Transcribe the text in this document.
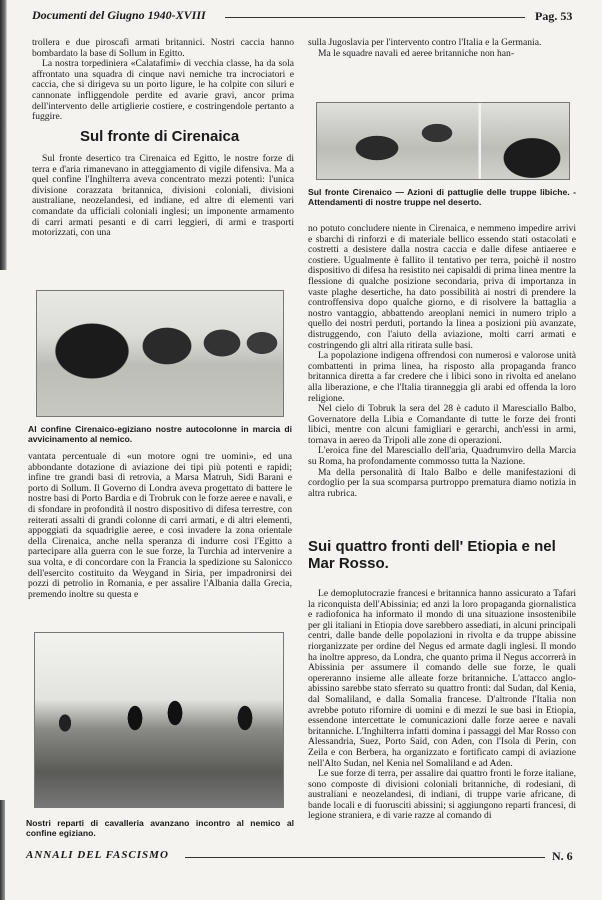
Documenti del Giugno 1940-XVIII	Pag. 53

trollera e due piroscafi armati britannici. Nostri caccia hanno bombardato la base di Sollum in Egitto.

La nostra torpediniera «Calatafimi» di vecchia classe, ha da sola affrontato una squadra di cinque navi nemiche tra incrociatori e caccia, che si dirigeva su un porto ligure, le ha colpite con siluri e cannonate infliggendole perdite ed avarie gravi, ancor prima dell'intervento delle artiglierie costiere, e costringendole pertanto a fuggire.

Sul fronte di Cirenaica

Sul fronte desertico tra Cirenaica ed Egitto, le nostre forze di terra e d'aria rimanevano in atteggiamento di vigile difensiva. Ma a quel confine l'Inghilterra aveva concentrato mezzi potenti: l'unica divisione corazzata britannica, divisioni coloniali, divisioni australiane, neozelandesi, ed indiane, ed altre di elementi vari comandate da ufficiali coloniali inglesi; un imponente armamento di carri armati pesanti e di carri leggieri, di armi e trasporti motorizzati, con una

Al confine Cirenaico-egiziano nostre autocolonne in marcia di avvicinamento al nemico.

vantata percentuale di «un motore ogni tre uomini», ed una abbondante dotazione di aviazione dei tipi più potenti e rapidi; infine tre grandi basi di retrovia, a Marsa Matruh, Sidi Barani e porto di Sollum. Il Governo di Londra aveva progettato di battere le nostre basi di Porto Bardia e di Trobruk con le forze aeree e navali, e di sfondare in profondità il nostro dispositivo di difesa terrestre, con reiterati assalti di grandi colonne di carri armati, e di altri elementi, appoggiati da squadriglie aeree, e così invadere la zona orientale della Cirenaica, anche nella speranza di indurre così l'Egitto a partecipare alla guerra con le sue forze, la Turchia ad intervenire a sua volta, e di concordare con la Francia la spedizione su Salonicco dell'esercito costituito da Weygand in Siria, per impadronirsi dei pozzi di petrolio in Romania, e per assalire l'Albania dalla Grecia, premendo inoltre su questa e

Nostri reparti di cavalleria avanzano incontro al nemico al confine egiziano.

sulla Jugoslavia per l'intervento contro l'Italia e la Germania.

Ma le squadre navali ed aeree britanniche non han-

Sul fronte Cirenaico — Azioni di pattuglie delle truppe libiche. - Attendamenti di nostre truppe nel deserto.

no potuto concludere niente in Cirenaica, e nemmeno impedire arrivi e sbarchi di rinforzi e di materiale bellico essendo stati ostacolati e costretti a desistere dalla nostra caccia e dalle difese antiaeree e costiere. Ugualmente è fallito il tentativo per terra, poichè il nostro dispositivo di difesa ha resistito nei capisaldi di prima linea mentre la flessione di qualche posizione secondaria, priva di importanza in vaste plaghe desertiche, ha dato possibilità ai nostri di prendere la controffensiva dopo qualche giorno, e di risolvere la battaglia a nostro vantaggio, abbattendo areoplani nemici in numero triplo a quello dei nostri perduti, portando la linea a posizioni più avanzate, distruggendo, con l'aiuto della aviazione, molti carri armati e costringendo gli altri alla ritirata sulle basi.

La popolazione indigena offrendosi con numerosi e valorose unità combattenti in prima linea, ha risposto alla propaganda franco britannica diretta a far credere che i libici sono in rivolta ed anelano alla liberazione, e che l'Italia tiranneggia gli arabi ed offenda la loro religione.

Nel cielo di Tobruk la sera del 28 è caduto il Maresciallo Balbo, Governatore della Libia e Comandante di tutte le forze dei fronti libici, mentre con alcuni famigliari e gerarchi, anch'essi in armi, tornava in aereo da Tripoli alle zone di operazioni.

L'eroica fine del Maresciallo dell'aria, Quadrumviro della Marcia su Roma, ha profondamente commosso tutta la Nazione.

Ma della personalità di Italo Balbo e delle manifestazioni di cordoglio per la sua scomparsa purtroppo prematura diamo notizia in altra rubrica.

Sui quattro fronti dell' Etiopia e nel Mar Rosso.

Le demoplutocrazie francesi e britannica hanno assicurato a Tafari la riconquista dell'Abissinia; ed anzi la loro propaganda giornalistica e radiofonica ha informato il mondo di una situazione insostenibile per gli italiani in Etiopia dove sarebbero assediati, in alcuni principali centri, dalle bande delle popolazioni in rivolta e da truppe abissine riorganizzate per ordine del Negus ed armate dagli inglesi. Il mondo ha inoltre appreso, da Londra, che quanto prima il Negus accorrerà in Abissinia per assumere il comando delle sue forze, le quali opereranno insieme alle alleate forze britanniche. L'attacco anglo-abissino sarebbe stato sferrato su quattro fronti: dal Sudan, dal Kenia, dal Somaliland, e dalla Somalia francese. D'altronde l'Italia non avrebbe potuto rifornire di uomini e di mezzi le sue basi in Etiopia, essendone intercettate le comunicazioni dalle forze aeree e navali britanniche. L'Inghilterra infatti domina i passaggi del Mar Rosso con Alessandria, Suez, Porto Said, con Aden, con l'Isola di Perin, con Zeila e con Berbera, ha organizzato e fortificato campi di aviazione nell'Alto Sudan, nel Kenia nel Somaliland e ad Aden.

Le sue forze di terra, per assalire dai quattro fronti le forze italiane, sono composte di divisioni coloniali britanniche, di rodesiani, di australiani e neozelandesi, di indiani, di truppe varie africane, di bande locali e di fuorusciti abissini; si aggiungono reparti francesi, di legione straniera, e di varie razze al comando di

ANNALI DEL FASCISMO	N. 6
